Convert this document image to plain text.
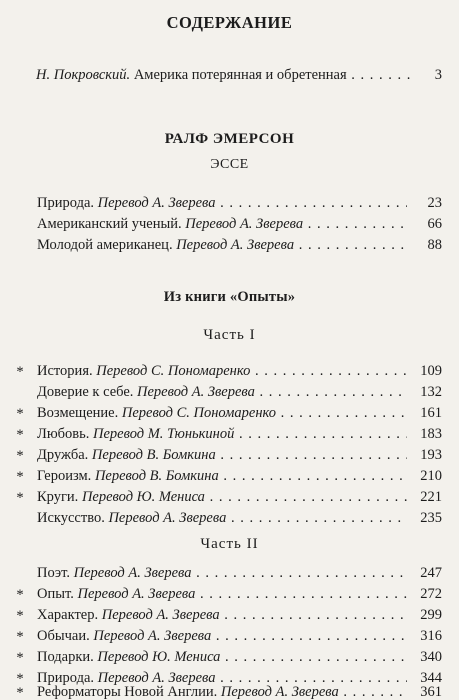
СОДЕРЖАНИЕ
Н. Покровский. Америка потерянная и обретенная . . .	3
РАЛФ ЭМЕРСОН
ЭССЕ
Природа. Перевод А. Зверева . . .	23
Американский ученый. Перевод А. Зверева . . .	66
Молодой американец. Перевод А. Зверева . . .	88
Из книги «Опыты»
Часть I
* История. Перевод С. Пономаренко . . .	109
Доверие к себе. Перевод А. Зверева . . .	132
* Возмещение. Перевод С. Пономаренко . . .	161
* Любовь. Перевод М. Тюнькиной . . .	183
* Дружба. Перевод В. Бомкина . . .	193
* Героизм. Перевод В. Бомкина . . .	210
* Круги. Перевод Ю. Мениса . . .	221
Искусство. Перевод А. Зверева . . .	235
Часть II
Поэт. Перевод А. Зверева . . .	247
* Опыт. Перевод А. Зверева . . .	272
* Характер. Перевод А. Зверева . . .	299
* Обычаи. Перевод А. Зверева . . .	316
* Подарки. Перевод Ю. Мениса . . .	340
* Природа. Перевод А. Зверева . . .	344
* Реформаторы Новой Англии. Перевод А. Зверева . . .	361
